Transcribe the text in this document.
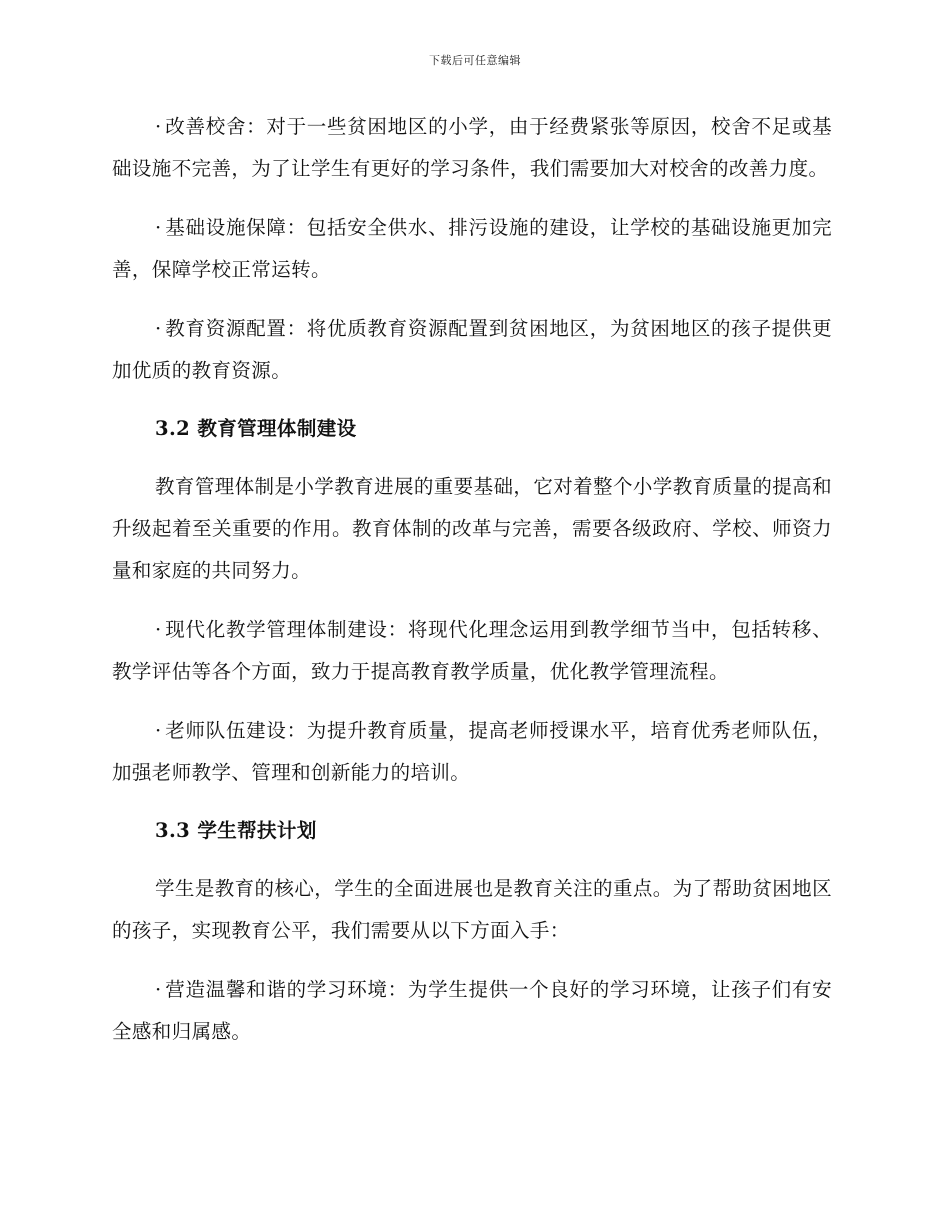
下载后可任意编辑

· 改善校舍：对于一些贫困地区的小学，由于经费紧张等原因，校舍不足或基础设施不完善，为了让学生有更好的学习条件，我们需要加大对校舍的改善力度。

· 基础设施保障：包括安全供水、排污设施的建设，让学校的基础设施更加完善，保障学校正常运转。

· 教育资源配置：将优质教育资源配置到贫困地区，为贫困地区的孩子提供更加优质的教育资源。

3.2 教育管理体制建设

教育管理体制是小学教育进展的重要基础，它对着整个小学教育质量的提高和升级起着至关重要的作用。教育体制的改革与完善，需要各级政府、学校、师资力量和家庭的共同努力。

· 现代化教学管理体制建设：将现代化理念运用到教学细节当中，包括转移、教学评估等各个方面，致力于提高教育教学质量，优化教学管理流程。

· 老师队伍建设：为提升教育质量，提高老师授课水平，培育优秀老师队伍，加强老师教学、管理和创新能力的培训。

3.3 学生帮扶计划

学生是教育的核心，学生的全面进展也是教育关注的重点。为了帮助贫困地区的孩子，实现教育公平，我们需要从以下方面入手：

· 营造温馨和谐的学习环境：为学生提供一个良好的学习环境，让孩子们有安全感和归属感。
